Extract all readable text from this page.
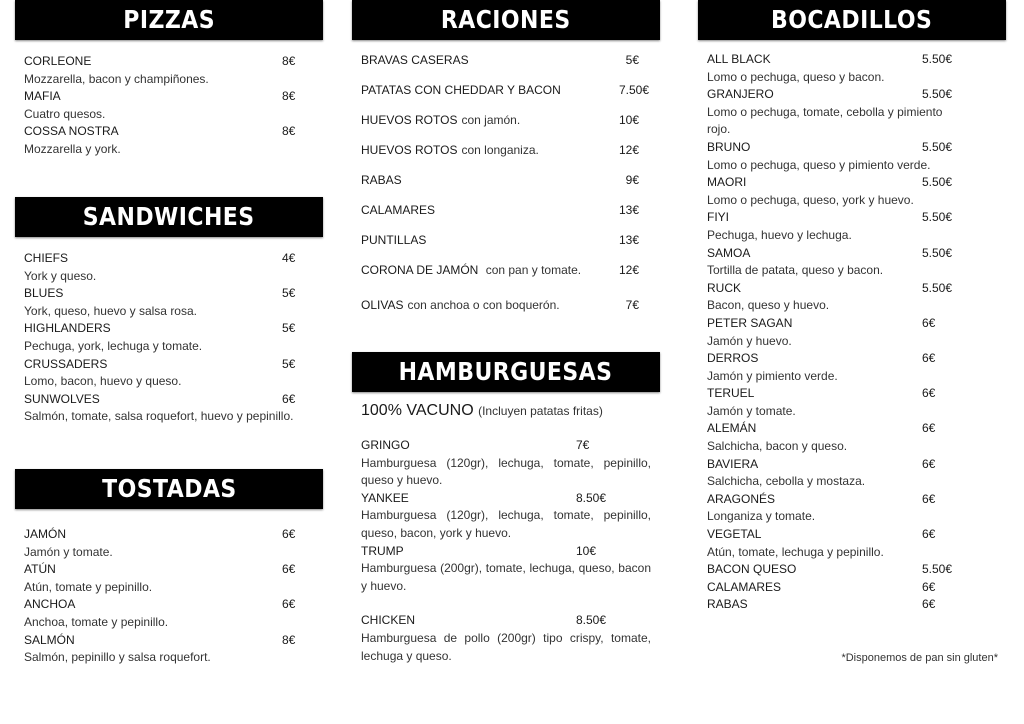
PIZZAS
CORLEONE	8€
Mozzarella, bacon y champiñones.
MAFIA	8€
Cuatro quesos.
COSSA NOSTRA	8€
Mozzarella y york.
SANDWICHES
CHIEFS	4€
York y queso.
BLUES	5€
York, queso, huevo y salsa rosa.
HIGHLANDERS	5€
Pechuga, york, lechuga y tomate.
CRUSSADERS	5€
Lomo, bacon, huevo y queso.
SUNWOLVES	6€
Salmón, tomate, salsa roquefort, huevo y pepinillo.
TOSTADAS
JAMÓN	6€
Jamón y tomate.
ATÚN	6€
Atún, tomate y pepinillo.
ANCHOA	6€
Anchoa, tomate y pepinillo.
SALMÓN	8€
Salmón, pepinillo y salsa roquefort.
RACIONES
BRAVAS CASERAS	5€
PATATAS CON CHEDDAR Y BACON	7.50€
HUEVOS ROTOS con jamón.	10€
HUEVOS ROTOS con longaniza.	12€
RABAS	9€
CALAMARES	13€
PUNTILLAS	13€
CORONA DE JAMÓN con pan y tomate.	12€
OLIVAS con anchoa o con boquerón.	7€
HAMBURGUESAS
100% VACUNO (Incluyen patatas fritas)
GRINGO	7€
Hamburguesa (120gr), lechuga, tomate, pepinillo, queso y huevo.
YANKEE	8.50€
Hamburguesa (120gr), lechuga, tomate, pepinillo, queso, bacon, york y huevo.
TRUMP	10€
Hamburguesa (200gr), tomate, lechuga, queso, bacon y huevo.
CHICKEN	8.50€
Hamburguesa de pollo (200gr) tipo crispy, tomate, lechuga y queso.
BOCADILLOS
ALL BLACK	5.50€
Lomo o pechuga, queso y bacon.
GRANJERO	5.50€
Lomo o pechuga, tomate, cebolla y pimiento rojo.
BRUNO	5.50€
Lomo o pechuga, queso y pimiento verde.
MAORI	5.50€
Lomo o pechuga, queso, york y huevo.
FIYI	5.50€
Pechuga, huevo y lechuga.
SAMOA	5.50€
Tortilla de patata, queso y bacon.
RUCK	5.50€
Bacon, queso y huevo.
PETER SAGAN	6€
Jamón y huevo.
DERROS	6€
Jamón y pimiento verde.
TERUEL	6€
Jamón y tomate.
ALEMÁN	6€
Salchicha, bacon y queso.
BAVIERA	6€
Salchicha, cebolla y mostaza.
ARAGONÉS	6€
Longaniza y tomate.
VEGETAL	6€
Atún, tomate, lechuga y pepinillo.
BACON QUESO	5.50€
CALAMARES	6€
RABAS	6€
*Disponemos de pan sin gluten*
